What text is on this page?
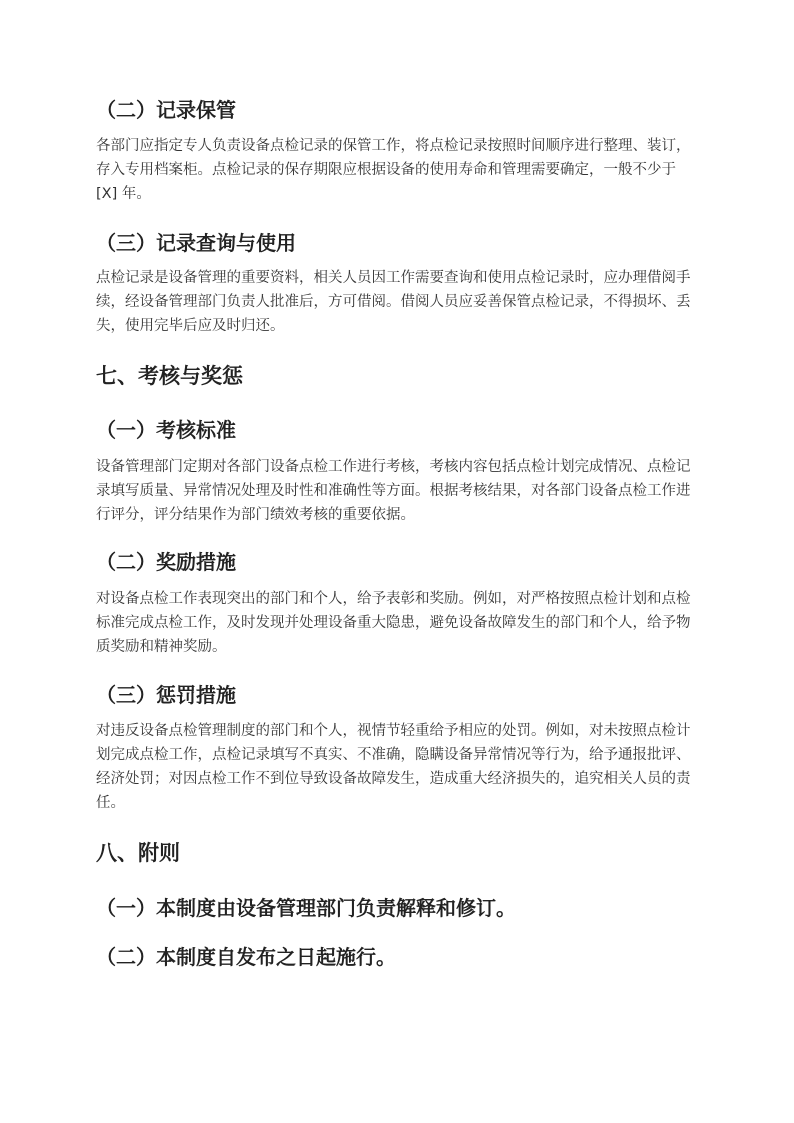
（二）记录保管
各部门应指定专人负责设备点检记录的保管工作，将点检记录按照时间顺序进行整理、装订，
存入专用档案柜。点检记录的保存期限应根据设备的使用寿命和管理需要确定，一般不少于
[X] 年。
（三）记录查询与使用
点检记录是设备管理的重要资料，相关人员因工作需要查询和使用点检记录时，应办理借阅手
续，经设备管理部门负责人批准后，方可借阅。借阅人员应妥善保管点检记录，不得损坏、丢
失，使用完毕后应及时归还。
七、考核与奖惩
（一）考核标准
设备管理部门定期对各部门设备点检工作进行考核，考核内容包括点检计划完成情况、点检记
录填写质量、异常情况处理及时性和准确性等方面。根据考核结果，对各部门设备点检工作进
行评分，评分结果作为部门绩效考核的重要依据。
（二）奖励措施
对设备点检工作表现突出的部门和个人，给予表彰和奖励。例如，对严格按照点检计划和点检
标准完成点检工作，及时发现并处理设备重大隐患，避免设备故障发生的部门和个人，给予物
质奖励和精神奖励。
（三）惩罚措施
对违反设备点检管理制度的部门和个人，视情节轻重给予相应的处罚。例如，对未按照点检计
划完成点检工作，点检记录填写不真实、不准确，隐瞒设备异常情况等行为，给予通报批评、
经济处罚；对因点检工作不到位导致设备故障发生，造成重大经济损失的，追究相关人员的责
任。
八、附则
（一）本制度由设备管理部门负责解释和修订。
（二）本制度自发布之日起施行。
